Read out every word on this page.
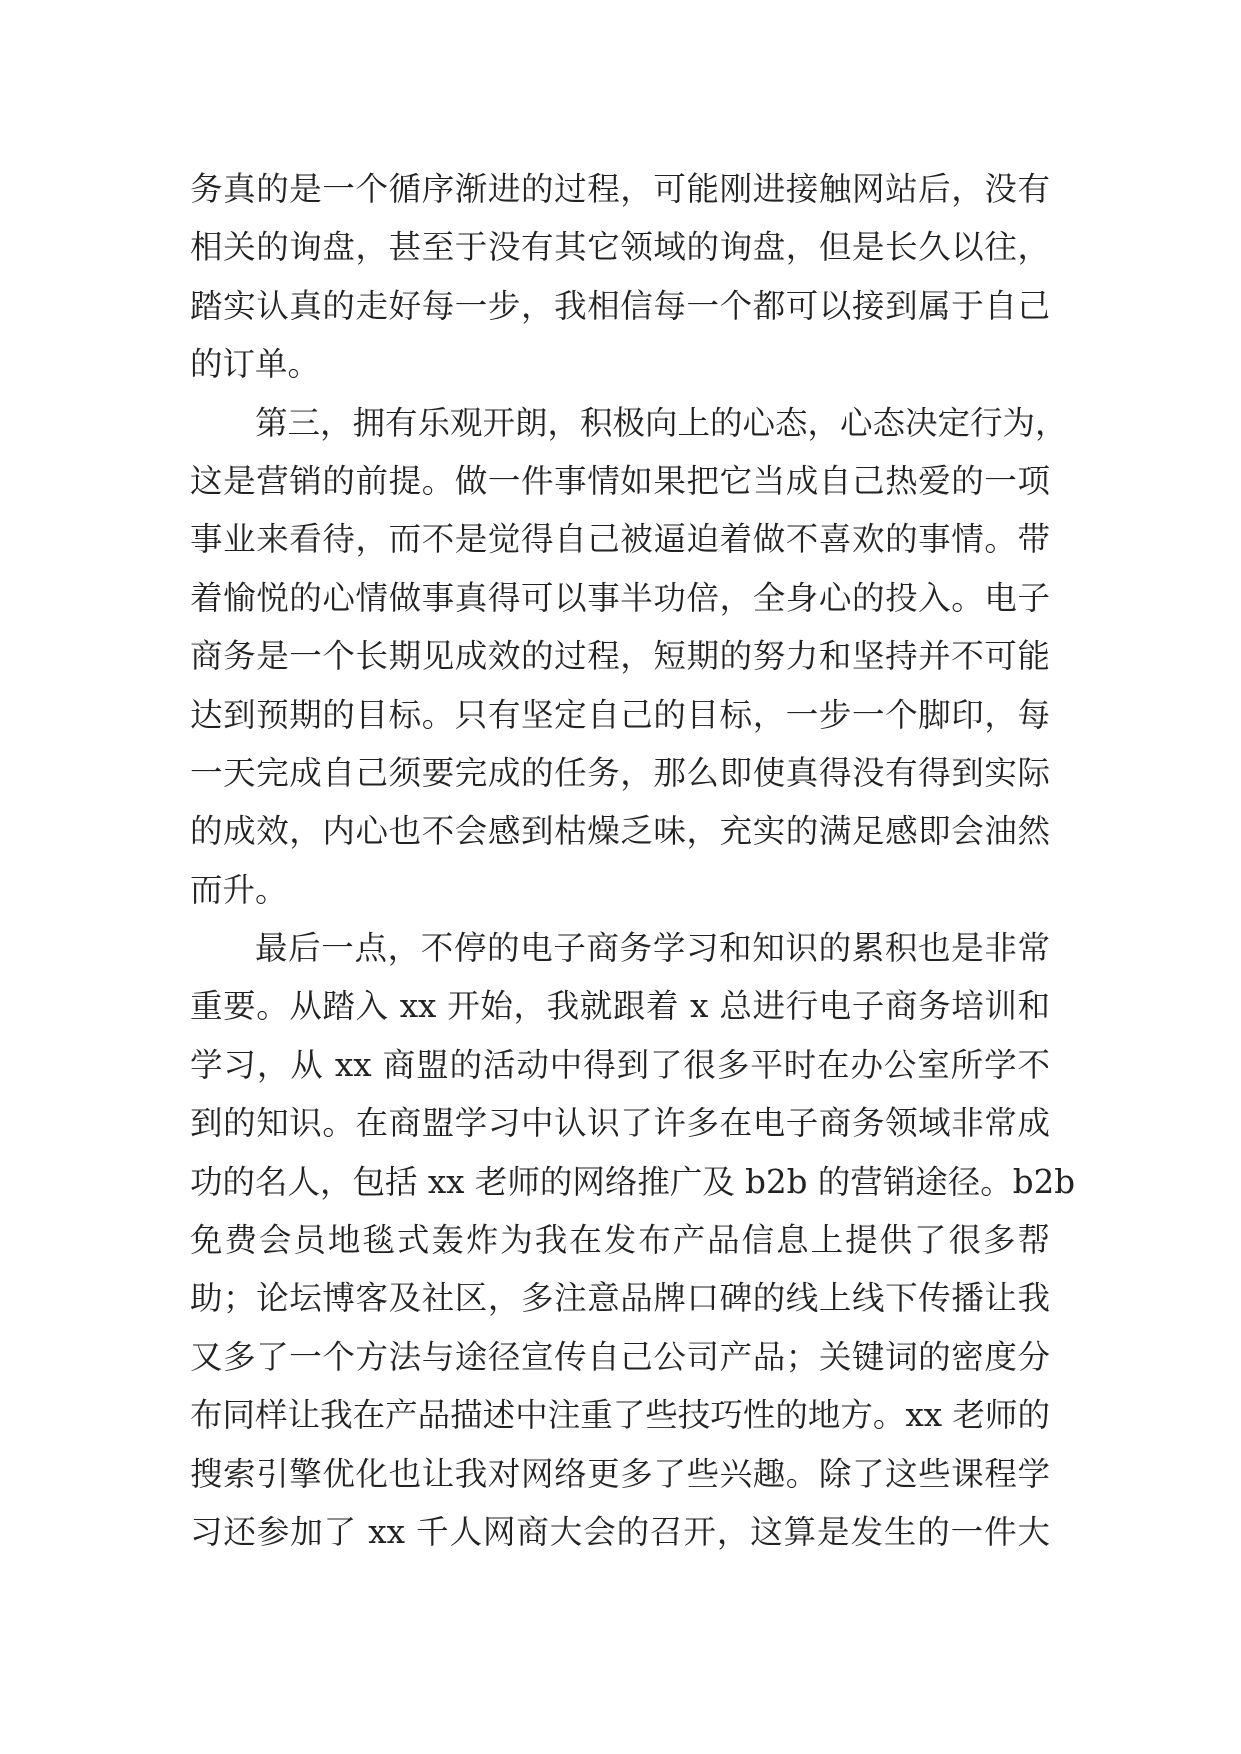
务真的是一个循序渐进的过程，可能刚进接触网站后，没有
相关的询盘，甚至于没有其它领域的询盘，但是长久以往，
踏实认真的走好每一步，我相信每一个都可以接到属于自己
的订单。
第三，拥有乐观开朗，积极向上的心态，心态决定行为，
这是营销的前提。做一件事情如果把它当成自己热爱的一项
事业来看待，而不是觉得自己被逼迫着做不喜欢的事情。带
着愉悦的心情做事真得可以事半功倍，全身心的投入。电子
商务是一个长期见成效的过程，短期的努力和坚持并不可能
达到预期的目标。只有坚定自己的目标，一步一个脚印，每
一天完成自己须要完成的任务，那么即使真得没有得到实际
的成效，内心也不会感到枯燥乏味，充实的满足感即会油然
而升。
最后一点，不停的电子商务学习和知识的累积也是非常
重要。从踏入 xx 开始，我就跟着 x 总进行电子商务培训和
学习，从 xx 商盟的活动中得到了很多平时在办公室所学不
到的知识。在商盟学习中认识了许多在电子商务领域非常成
功的名人，包括 xx 老师的网络推广及 b2b 的营销途径。b2b
免费会员地毯式轰炸为我在发布产品信息上提供了很多帮
助；论坛博客及社区，多注意品牌口碑的线上线下传播让我
又多了一个方法与途径宣传自己公司产品；关键词的密度分
布同样让我在产品描述中注重了些技巧性的地方。xx 老师的
搜索引擎优化也让我对网络更多了些兴趣。除了这些课程学
习还参加了 xx 千人网商大会的召开，这算是发生的一件大
